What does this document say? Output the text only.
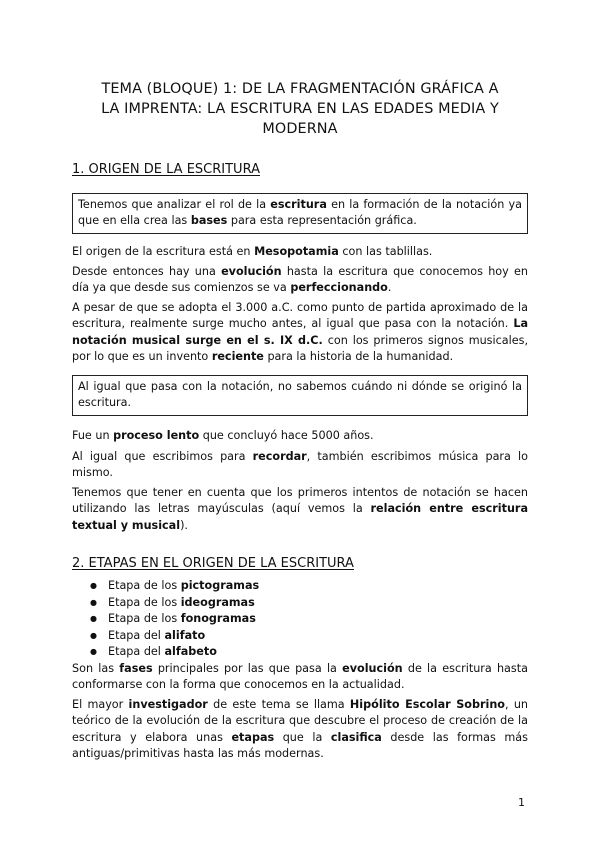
TEMA (BLOQUE) 1: DE LA FRAGMENTACIÓN GRÁFICA A
LA IMPRENTA: LA ESCRITURA EN LAS EDADES MEDIA Y
MODERNA
1. ORIGEN DE LA ESCRITURA
Tenemos que analizar el rol de la escritura en la formación de la notación ya que en ella crea las bases para esta representación gráfica.

El origen de la escritura está en Mesopotamia con las tablillas.

Desde entonces hay una evolución hasta la escritura que conocemos hoy en día ya que desde sus comienzos se va perfeccionando.

A pesar de que se adopta el 3.000 a.C. como punto de partida aproximado de la escritura, realmente surge mucho antes, al igual que pasa con la notación. La notación musical surge en el s. IX d.C. con los primeros signos musicales, por lo que es un invento reciente para la historia de la humanidad.

Al igual que pasa con la notación, no sabemos cuándo ni dónde se originó la escritura.

Fue un proceso lento que concluyó hace 5000 años.

Al igual que escribimos para recordar, también escribimos música para lo mismo.

Tenemos que tener en cuenta que los primeros intentos de notación se hacen utilizando las letras mayúsculas (aquí vemos la relación entre escritura textual y musical).

2. ETAPAS EN EL ORIGEN DE LA ESCRITURA
● Etapa de los pictogramas
● Etapa de los ideogramas
● Etapa de los fonogramas
● Etapa del alifato
● Etapa del alfabeto

Son las fases principales por las que pasa la evolución de la escritura hasta conformarse con la forma que conocemos en la actualidad.

El mayor investigador de este tema se llama Hipólito Escolar Sobrino, un teórico de la evolución de la escritura que descubre el proceso de creación de la escritura y elabora unas etapas que la clasifica desde las formas más antiguas/primitivas hasta las más modernas.

1
